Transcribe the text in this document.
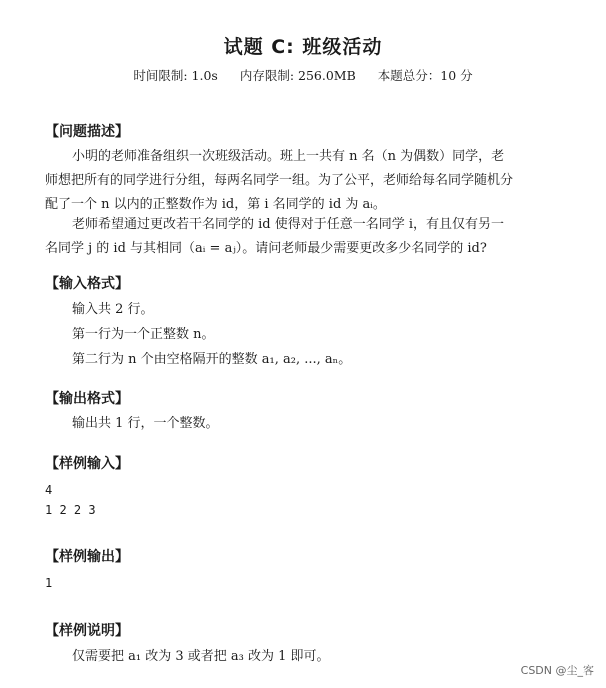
试题 C: 班级活动
时间限制: 1.0s 内存限制: 256.0MB 本题总分：10 分
【问题描述】
小明的老师准备组织一次班级活动。班上一共有 n 名（n 为偶数）同学，老师想把所有的同学进行分组，每两名同学一组。为了公平，老师给每名同学随机分配了一个 n 以内的正整数作为 id，第 i 名同学的 id 为 aᵢ。
老师希望通过更改若干名同学的 id 使得对于任意一名同学 i，有且仅有另一名同学 j 的 id 与其相同（aᵢ = aⱼ）。请问老师最少需要更改多少名同学的 id?
【输入格式】
输入共 2 行。
第一行为一个正整数 n。
第二行为 n 个由空格隔开的整数 a₁, a₂, ..., aₙ。
【输出格式】
输出共 1 行，一个整数。
【样例输入】
4
1 2 2 3
【样例输出】
1
【样例说明】
仅需要把 a₁ 改为 3 或者把 a₃ 改为 1 即可。
CSDN @尘_客
